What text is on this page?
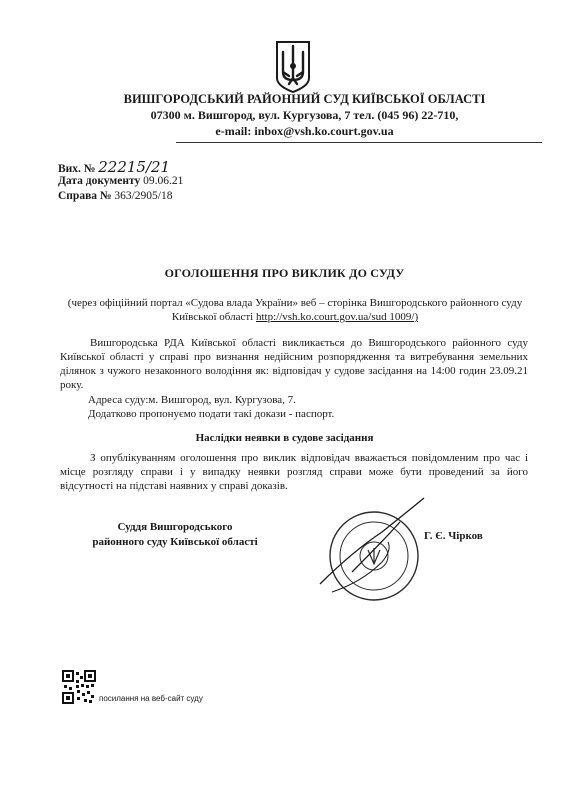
ВИШГОРОДСЬКИЙ РАЙОННИЙ СУД КИЇВСЬКОЇ ОБЛАСТІ
07300 м. Вишгород, вул. Кургузова, 7 тел. (045 96) 22-710,
e-mail: inbox@vsh.ko.court.gov.ua
Вих. № 22215/21
Дата документу 09.06.21
Справа № 363/2905/18
ОГОЛОШЕННЯ ПРО ВИКЛИК ДО СУДУ
(через офіційний портал «Судова влада України» веб – сторінка Вишгородського районного суду Київської області http://vsh.ko.court.gov.ua/sud 1009/)
Вишгородська РДА Київської області викликається до Вишгородського районного суду Київської області у справі про визнання недійсним розпорядження та витребування земельних ділянок з чужого незаконного володіння як: відповідач у судове засідання на 14:00 годин 23.09.21 року.
Адреса суду:м. Вишгород, вул. Кургузова, 7.
Додатково пропонуємо подати такі докази - паспорт.
Наслідки неявки в судове засідання
З опублікуванням оголошення про виклик відповідач вважається повідомленим про час і місце розгляду справи і у випадку неявки розгляд справи може бути проведений за його відсутності на підставі наявних у справі доказів.
Суддя Вишгородського
районного суду Київської області	Г. Є. Чірков
посилання на веб-сайт суду
